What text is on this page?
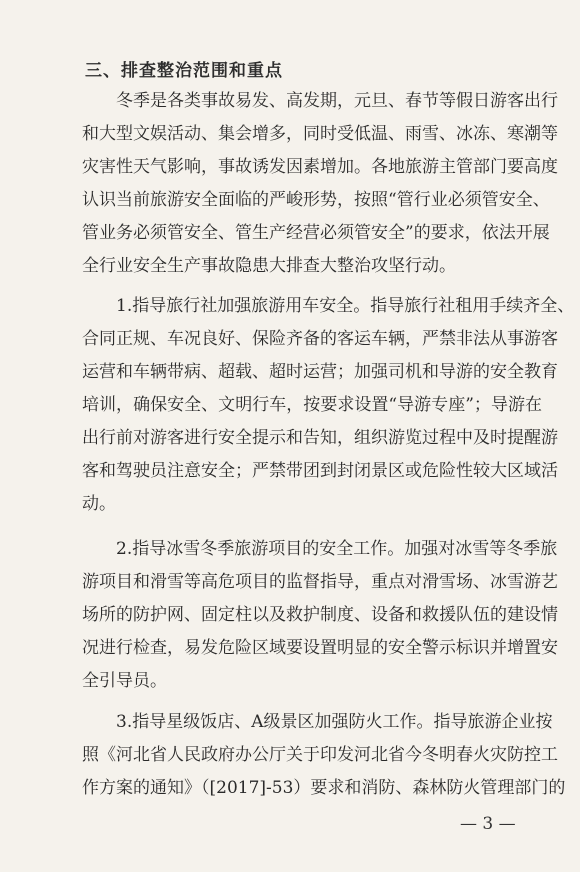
三、排查整治范围和重点
冬季是各类事故易发、高发期，元旦、春节等假日游客出行
和大型文娱活动、集会增多，同时受低温、雨雪、冰冻、寒潮等
灾害性天气影响，事故诱发因素增加。各地旅游主管部门要高度
认识当前旅游安全面临的严峻形势，按照“管行业必须管安全、
管业务必须管安全、管生产经营必须管安全”的要求，依法开展
全行业安全生产事故隐患大排查大整治攻坚行动。
1.指导旅行社加强旅游用车安全。指导旅行社租用手续齐全、
合同正规、车况良好、保险齐备的客运车辆，严禁非法从事游客
运营和车辆带病、超载、超时运营；加强司机和导游的安全教育
培训，确保安全、文明行车，按要求设置“导游专座”；导游在
出行前对游客进行安全提示和告知，组织游览过程中及时提醒游
客和驾驶员注意安全；严禁带团到封闭景区或危险性较大区域活
动。
2.指导冰雪冬季旅游项目的安全工作。加强对冰雪等冬季旅
游项目和滑雪等高危项目的监督指导，重点对滑雪场、冰雪游艺
场所的防护网、固定柱以及救护制度、设备和救援队伍的建设情
况进行检查，易发危险区域要设置明显的安全警示标识并增置安
全引导员。
3.指导星级饭店、A级景区加强防火工作。指导旅游企业按
照《河北省人民政府办公厅关于印发河北省今冬明春火灾防控工
作方案的通知》（[2017]-53）要求和消防、森林防火管理部门的
— 3 —
